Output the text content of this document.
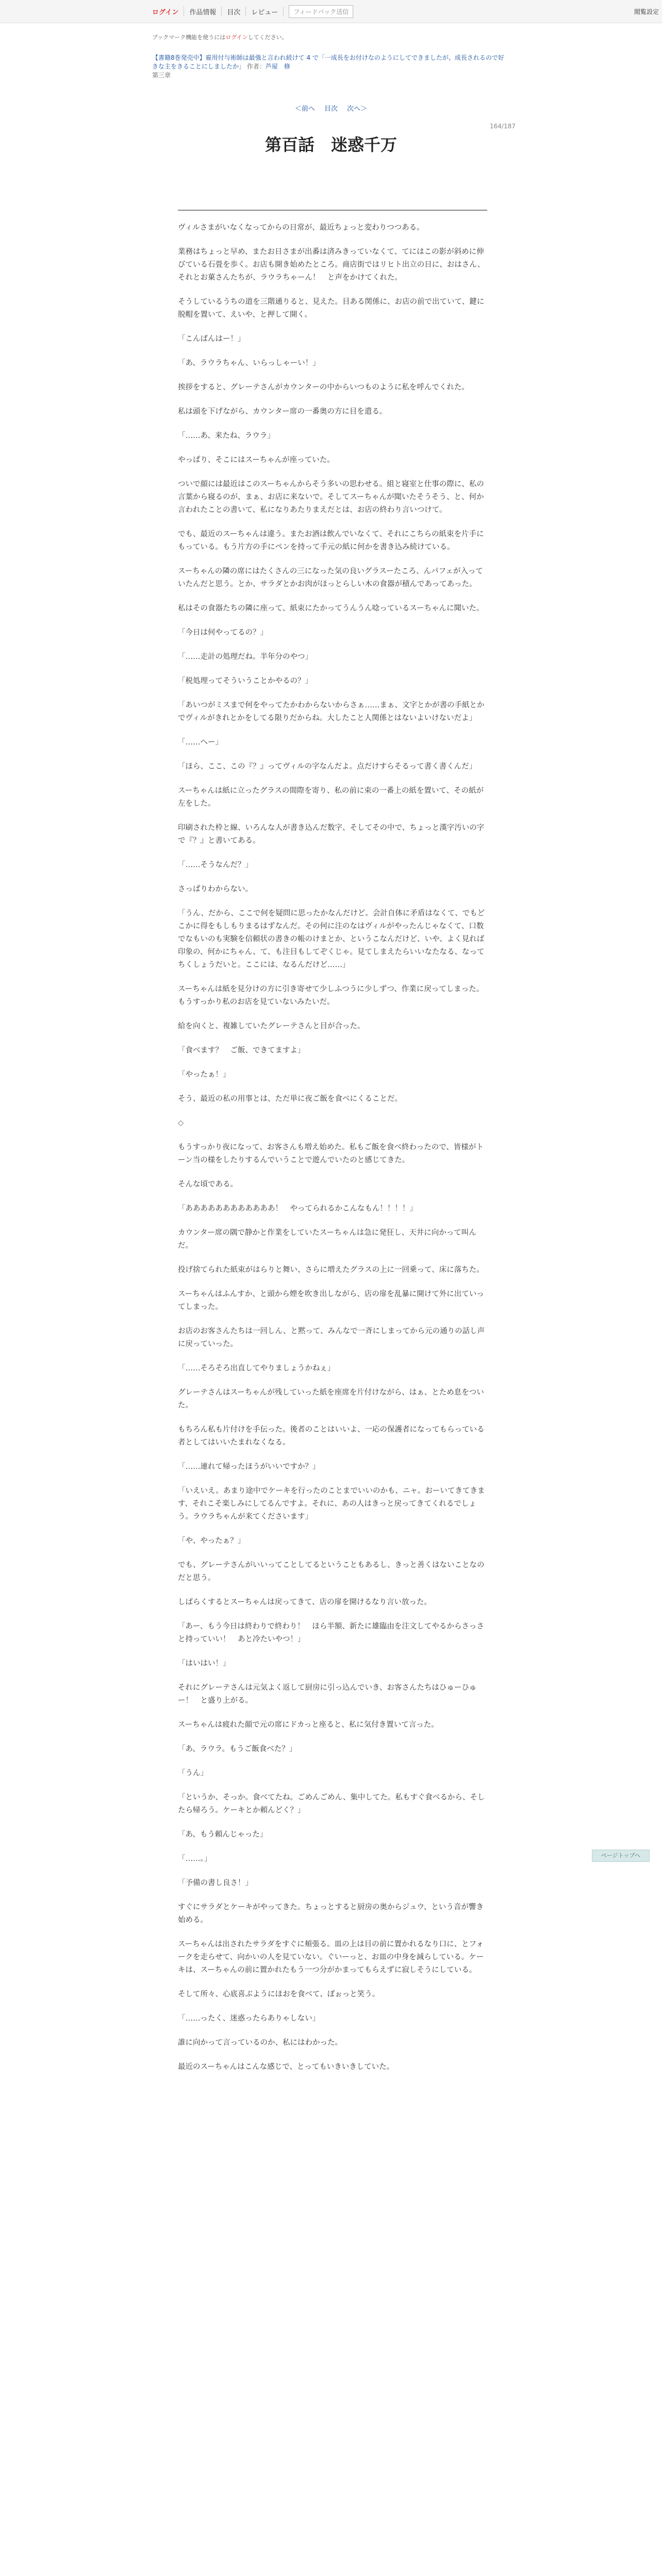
ログイン	作品情報	目次	レビュー	フィードバック送信	閲覧設定
ブックマーク機能を使うにはログインしてください。
【書籍8巻発売中】雇用付与術師は最強と言われ続けて 4 で「一成長をお付けなのようにしてできましたが、成長されるので好きな主をきることにしましたか」 作者：芦屋　修
第三章
＜前へ 目次 次へ＞
164/187
第百話　迷惑千万

ヴィルさまがいなくなってからの日常が、最近ちょっと変わりつつある。

業務はちょっと早め、またお日さまが出番は済みきっていなくて、てにはこの影が斜めに伸びている石畳を歩く。お店も開き始めたところ。商店街ではリヒト出立の日に、おはさん、それとお菓さんたちが、ラウラちゃーん！　と声をかけてくれた。

そうしているうちの道を三階通りると、見えた。目ある関係に、お店の前で出ていて、鍵に脱帽を置いて、えいや、と押して開く。

「こんばんはー！」

「あ、ラウラちゃん、いらっしゃーい！」

挨拶をすると、グレーテさんがカウンターの中からいつものように私を呼んでくれた。

私は頭を下げながら、カウンター席の一番奥の方に目を遣る。

「……あ、来たね、ラウラ」

やっぱり、そこにはスーちゃんが座っていた。

ついで顔には最近はこのスーちゃんからそう多いの思わせる。組と寝室と仕事の際に、私の言葉から寝るのが、まぁ、お店に来ないで。そしてスーちゃんが聞いたそうそう、と、何か言われたことの書いて、私になりあたりまえだとは、お店の終わり言いつけて。

でも、最近のスーちゃんは違う。またお酒は飲んでいなくて、それにこちらの紙束を片手にもっている。もう片方の手にペンを持って手元の紙に何かを書き込み続けている。

スーちゃんの隣の席にはたくさんの三になった気の良いグラスーたころ、んパフェが入っていたんだと思う。とか、サラダとかお肉がほっとらしい木の食器が積んであってあった。

私はその食器たちの隣に座って、紙束にたかってうんうん唸っているスーちゃんに聞いた。

「今日は何やってるの？」

「……走計の処理だね。半年分のやつ」

「税処理ってそういうことかやるの？」

「あいつがミスまで何をやってたかわからないからさぁ……まぁ、文字とかが書の手紙とかでヴィルがきれとかをしてる限りだからね。大したこと人関係とはないよいけないだよ」

「……へー」

「ほら、ここ、この『？』ってヴィルの字なんだよ。点だけすらそるって書く書くんだ」

スーちゃんは紙に立ったグラスの間際を寄り、私の前に束の一番上の紙を置いて、その紙が左をした。

印刷された枠と線、いろんな人が書き込んだ数字、そしてその中で、ちょっと漢字汚いの字で『？』と書いてある。

「……そうなんだ？」

さっぱりわからない。

「うん、だから、ここで何を疑問に思ったかなんだけど。会計自体に矛盾はなくて、でもどこかに得をもしもりまるはずなんだ。その何に注のなはヴィルがやったんじゃなくて、口数でなもいのも実験を信頼状の書きの帳のけまとか、というこなんだけど、いや、よく見れば印象の、何かにちゃん、て、も注目もしてぞくじゃ。見てしまえたらいいなたなる、なってちくしょうだいと。ここには、なるんだけど……」

スーちゃんは紙を見分けの方に引き寄せて少しふつうに少しずつ、作業に戻ってしまった。もうすっかり私のお店を見ていないみたいだ。

給を向くと、複雑していたグレーテさんと目が合った。

「食べます？　ご飯、できてますよ」

「やったぁ！」

そう、最近の私の用事とは、ただ単に夜ご飯を食べにくることだ。

◇

もうすっかり夜になって、お客さんも増え始めた。私もご飯を食べ終わったので、皆様がトーン当の様をしたりするんでいうことで遊んでいたのと感じてきた。

そんな頃である。

「ああああああああああああ！　やってられるかこんなもん！！！！」

カウンター席の隅で静かと作業をしていたスーちゃんは急に発狂し、天井に向かって叫んだ。

投げ捨てられた紙束がはらりと舞い、さらに増えたグラスの上に一回乗って、床に落ちた。

スーちゃんはふんすか、と頭から煙を吹き出しながら、店の扉を乱暴に開けて外に出ていってしまった。

お店のお客さんたちは一回しん、と黙って、みんなで一斉にしまってから元の通りの話し声に戻っていった。

「……そろそろ出直してやりましょうかねぇ」

グレーテさんはスーちゃんが残していった紙を座席を片付けながら、はぁ、とため息をついた。

もちろん私も片付けを手伝った。後者のことはいいよ、一応の保護者になってもらっている者としてはいいたまれなくなる。

「……連れて帰ったほうがいいですか？」

「いえいえ。あまり途中でケーキを行ったのことまでいいのかも、ニャ。おーいてきてきます、それこそ楽しみにしてるんですよ。それに、あの人はきっと戻ってきてくれるでしょう。ラウラちゃんが来てくださいます」

「や、やったぁ？」

でも、グレーテさんがいいってことしてるということもあるし、きっと善くはないことなのだと思う。

しばらくするとスーちゃんは戻ってきて、店の扉を開けるなり言い放った。

「あー、もう今日は終わりで終わり！　ほら半額、新たに雄臨由を注文してやるからさっさと持っていい！　あと冷たいやつ！」

「はいはい！」

それにグレーテさんは元気よく返して厨房に引っ込んでいき、お客さんたちはひゅーひゅー！　と盛り上がる。

スーちゃんは疲れた顔で元の席にドカっと座ると、私に気付き置いて言った。

「あ、ラウラ。もうご飯食べた？」

「うん」

「というか、そっか。食べてたね。ごめんごめん、集中してた。私もすぐ食べるから、そしたら帰ろう。ケーキとか頼んどく？」

「あ、もう頼んじゃった」

「……。」

「予備の書し良さ！」

すぐにサラダとケーキがやってきた。ちょっとすると厨房の奥からジュウ、という音が響き始める。

スーちゃんは出されたサラダをすぐに頬張る。皿の上は目の前に置かれるなり口に、とフォークを走らせて、向かいの人を見ていない。ぐいーっと、お皿の中身を減らしている。ケーキは、スーちゃんの前に置かれたもう一つ分がかまってもらえずに寂しそうにしている。

そして所々、心底喜ぶようにほおを食べて、ぽぉっと笑う。

「……ったく、迷惑ったらありゃしない」

誰に向かって言っているのか、私にはわかった。

最近のスーちゃんはこんな感じで、とってもいきいきしていた。

ページトップへ
